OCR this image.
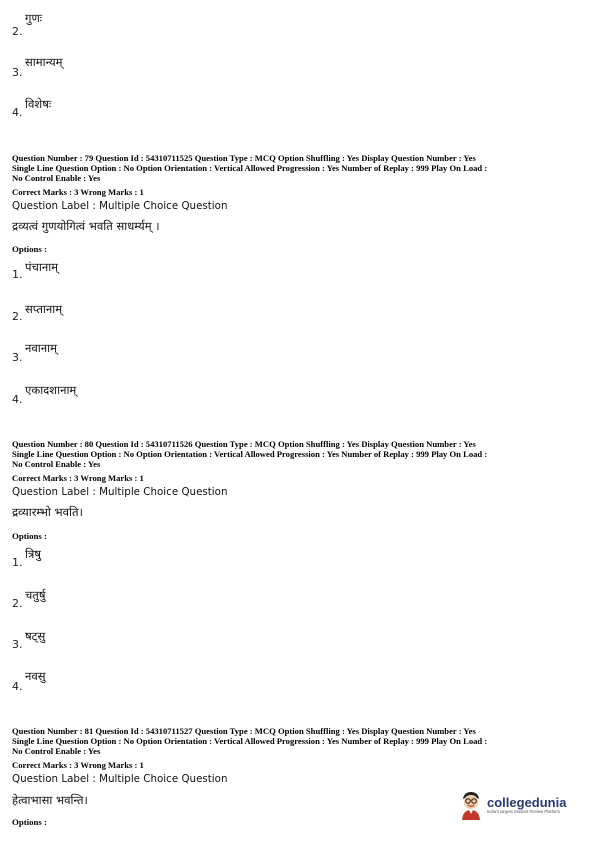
2.
गुणः
3.
सामान्यम्
4.
विशेषः
Question Number : 79 Question Id : 54310711525 Question Type : MCQ Option Shuffling : Yes Display Question Number : Yes
Single Line Question Option : No Option Orientation : Vertical Allowed Progression : Yes Number of Replay : 999 Play On Load :
No Control Enable : Yes
Correct Marks : 3 Wrong Marks : 1
Question Label : Multiple Choice Question
द्रव्यत्वं गुणयोगित्वं भवति साधर्म्यम् ।
Options :
1.
पंचानाम्
2.
सप्तानाम्
3.
नवानाम्
4.
एकादशानाम्
Question Number : 80 Question Id : 54310711526 Question Type : MCQ Option Shuffling : Yes Display Question Number : Yes
Single Line Question Option : No Option Orientation : Vertical Allowed Progression : Yes Number of Replay : 999 Play On Load :
No Control Enable : Yes
Correct Marks : 3 Wrong Marks : 1
Question Label : Multiple Choice Question
द्रव्यारम्भो भवति।
Options :
1.
त्रिषु
2.
चतुर्षु
3.
षट्सु
4.
नवसु
Question Number : 81 Question Id : 54310711527 Question Type : MCQ Option Shuffling : Yes Display Question Number : Yes
Single Line Question Option : No Option Orientation : Vertical Allowed Progression : Yes Number of Replay : 999 Play On Load :
No Control Enable : Yes
Correct Marks : 3 Wrong Marks : 1
Question Label : Multiple Choice Question
हेत्वाभासा भवन्ति।
Options :
collegedunia
India's largest Student Review Platform
